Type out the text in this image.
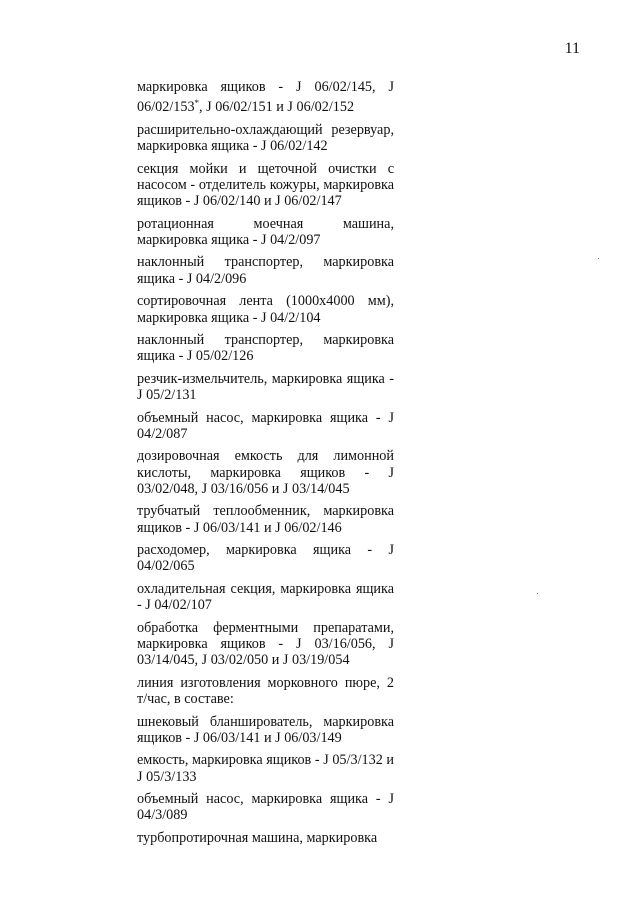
11

маркировка ящиков - J 06/02/145, J 06/02/153*, J 06/02/151 и J 06/02/152

расширительно-охлаждающий резервуар, маркировка ящика - J 06/02/142

секция мойки и щеточной очистки с насосом - отделитель кожуры, маркировка ящиков - J 06/02/140 и J 06/02/147

ротационная моечная машина, маркировка ящика - J 04/2/097

наклонный транспортер, маркировка ящика - J 04/2/096

сортировочная лента (1000x4000 мм), маркировка ящика - J 04/2/104

наклонный транспортер, маркировка ящика - J 05/02/126

резчик-измельчитель, маркировка ящика - J 05/2/131

объемный насос, маркировка ящика - J 04/2/087

дозировочная емкость для лимонной кислоты, маркировка ящиков - J 03/02/048, J 03/16/056 и J 03/14/045

трубчатый теплообменник, маркировка ящиков - J 06/03/141 и J 06/02/146

расходомер, маркировка ящика - J 04/02/065

охладительная секция, маркировка ящика - J 04/02/107

обработка ферментными препаратами, маркировка ящиков - J 03/16/056, J 03/14/045, J 03/02/050 и J 03/19/054

линия изготовления морковного пюре, 2 т/час, в составе:

шнековый бланширователь, маркировка ящиков - J 06/03/141 и J 06/03/149

емкость, маркировка ящиков - J 05/3/132 и J 05/3/133

объемный насос, маркировка ящика - J 04/3/089

турбопротирочная машина, маркировка
